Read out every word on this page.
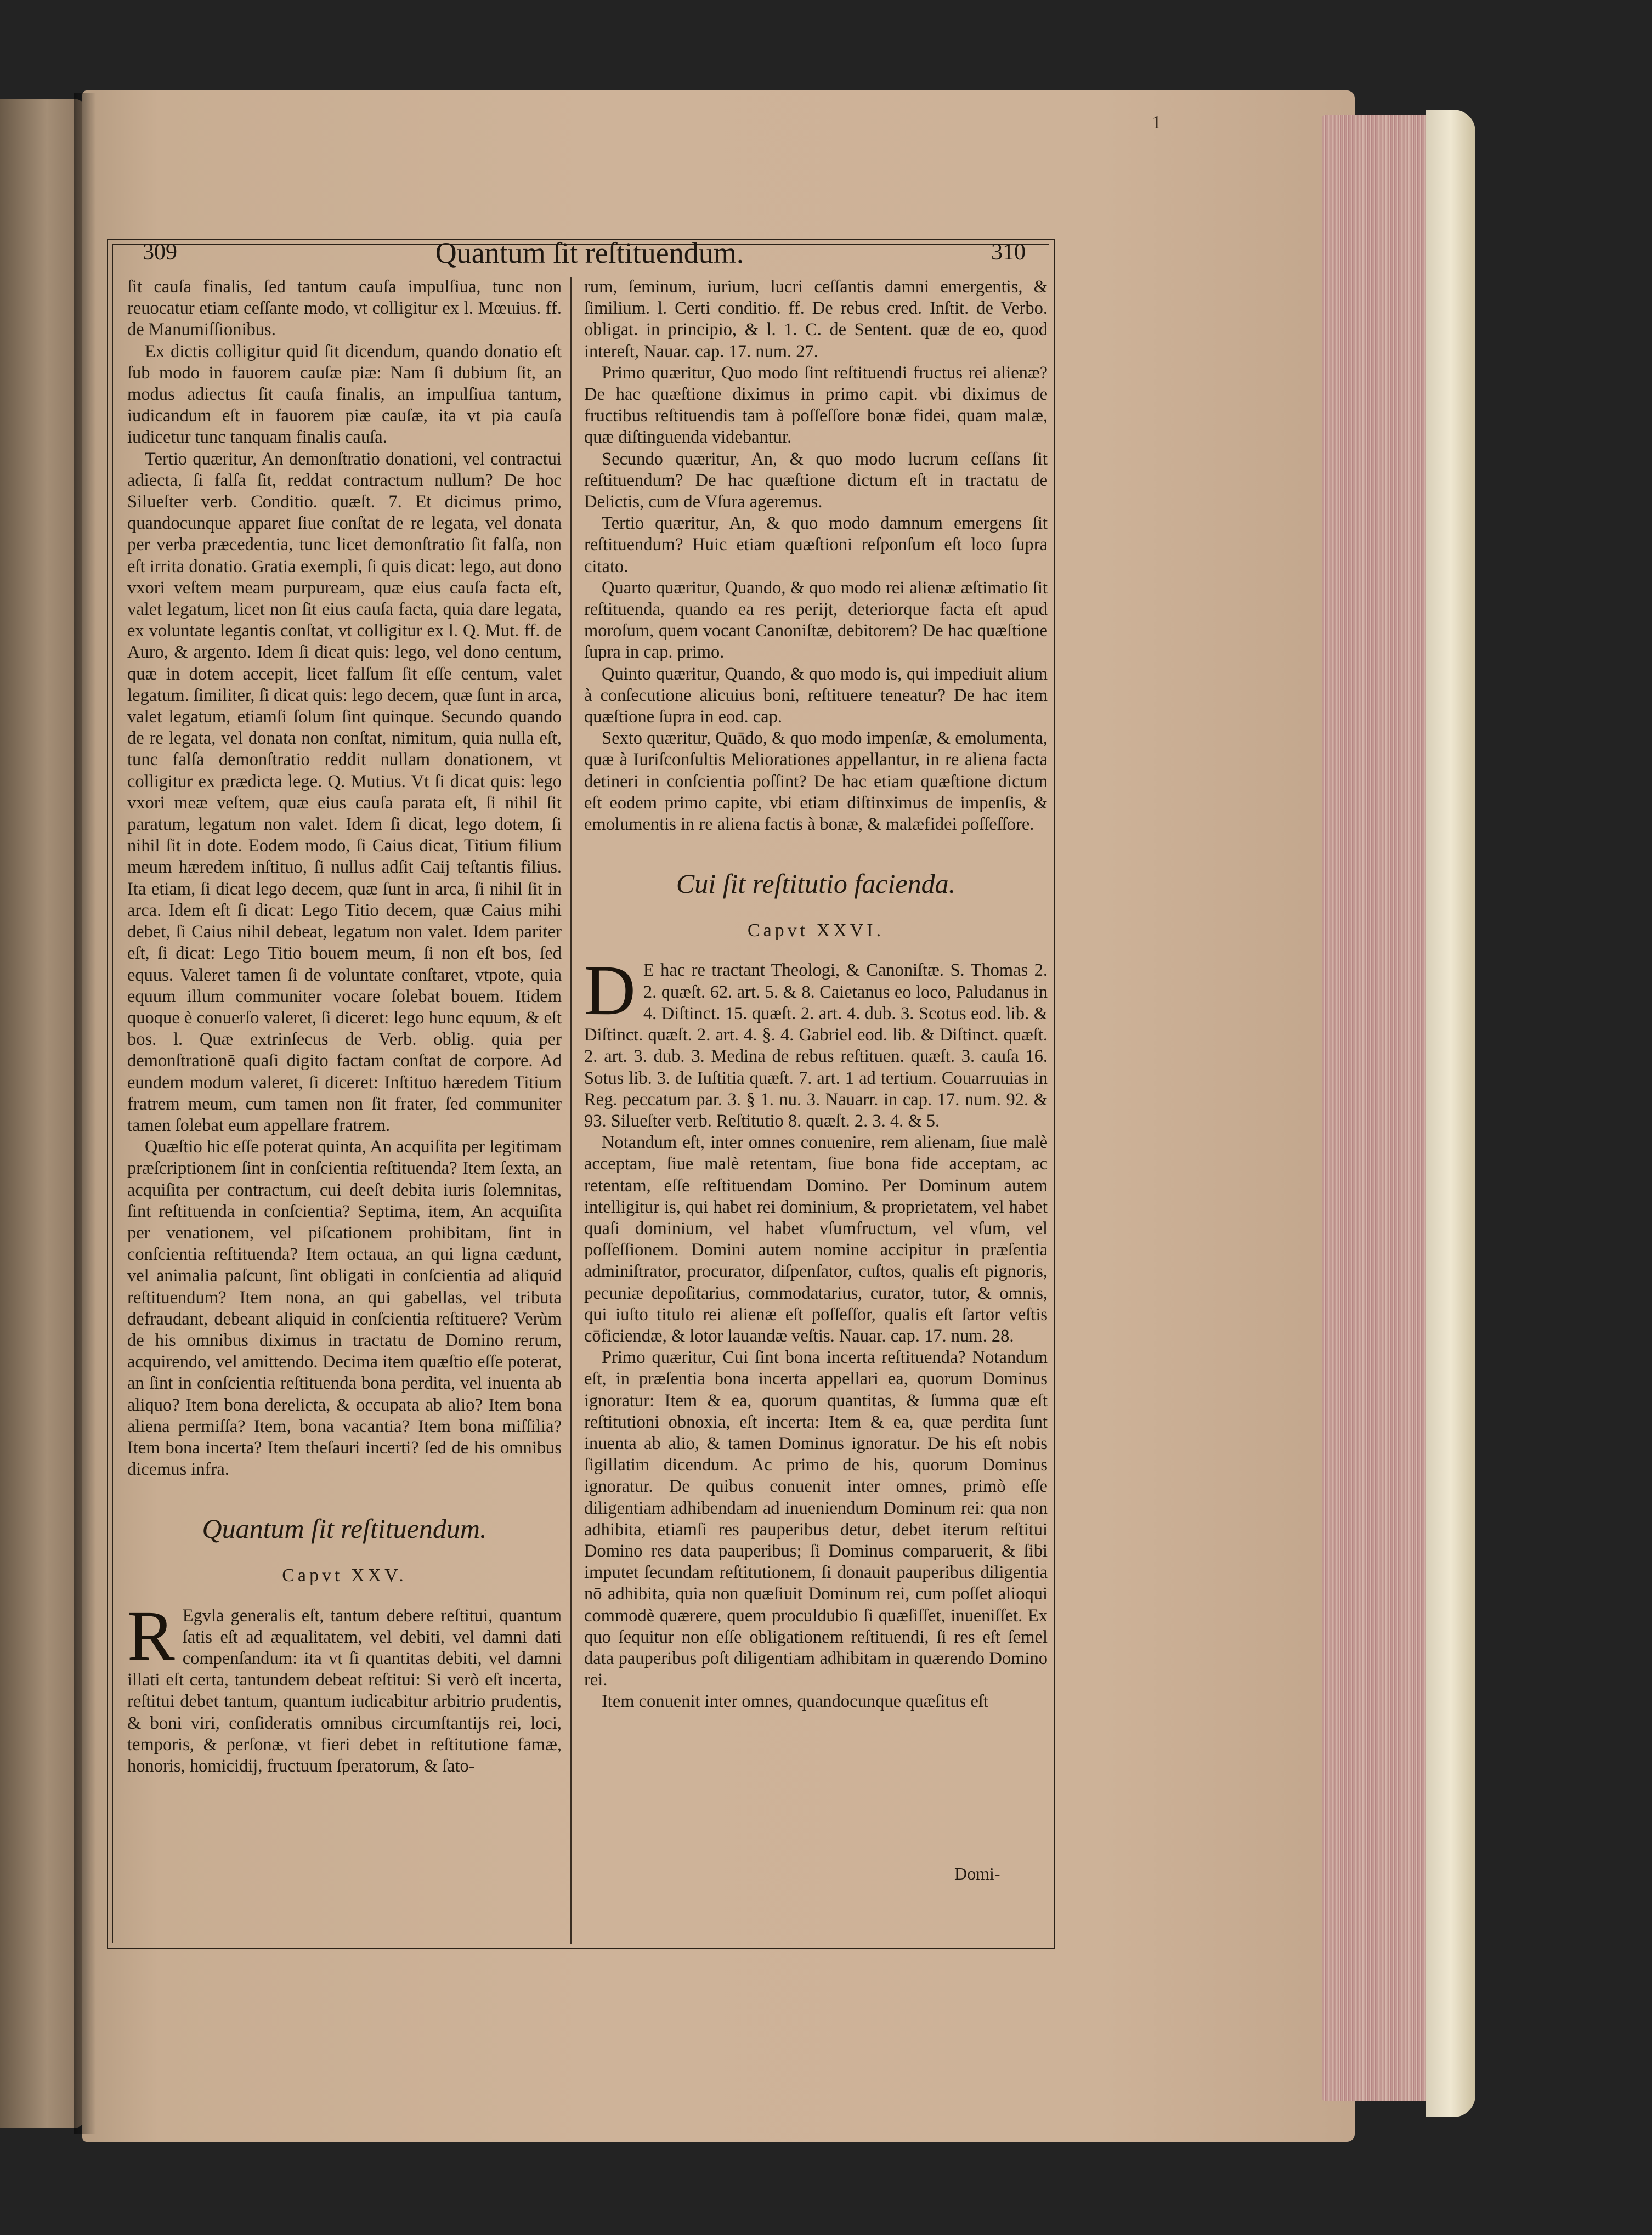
1
309	Quantum ſit reſtituendum.	310

ſit cauſa finalis, ſed tantum cauſa impulſiua, tunc non reuocatur etiam ceſſante modo, vt colligitur ex l. Mœuius. ff. de Manumiſſionibus.

Ex dictis colligitur quid ſit dicendum, quando donatio eſt ſub modo in fauorem cauſæ piæ: Nam ſi dubium ſit, an modus adiectus ſit cauſa finalis, an impulſiua tantum, iudicandum eſt in fauorem piæ cauſæ, ita vt pia cauſa iudicetur tunc tanquam finalis cauſa.

Tertio quæritur, An demonſtratio donationi, vel contractui adiecta, ſi falſa ſit, reddat contractum nullum? De hoc Silueſter verb. Conditio. quæſt. 7. Et dicimus primo, quandocunque apparet ſiue conſtat de re legata, vel donata per verba præcedentia, tunc licet demonſtratio ſit falſa, non eſt irrita donatio. Gratia exempli, ſi quis dicat: lego, aut dono vxori veſtem meam purpuream, quæ eius cauſa facta eſt, valet legatum, licet non ſit eius cauſa facta, quia dare legata, ex voluntate legantis conſtat, vt colligitur ex l. Q. Mut. ff. de Auro, & argento. Idem ſi dicat quis: lego, vel dono centum, quæ in dotem accepit, licet falſum ſit eſſe centum, valet legatum. ſimiliter, ſi dicat quis: lego decem, quæ ſunt in arca, valet legatum, etiamſi ſolum ſint quinque. Secundo quando de re legata, vel donata non conſtat, nimitum, quia nulla eſt, tunc falſa demonſtratio reddit nullam donationem, vt colligitur ex prædicta lege. Q. Mutius. Vt ſi dicat quis: lego vxori meæ veſtem, quæ eius cauſa parata eſt, ſi nihil ſit paratum, legatum non valet. Idem ſi dicat, lego dotem, ſi nihil ſit in dote. Eodem modo, ſi Caius dicat, Titium filium meum hæredem inſtituo, ſi nullus adſit Caij teſtantis filius. Ita etiam, ſi dicat lego decem, quæ ſunt in arca, ſi nihil ſit in arca. Idem eſt ſi dicat: Lego Titio decem, quæ Caius mihi debet, ſi Caius nihil debeat, legatum non valet. Idem pariter eſt, ſi dicat: Lego Titio bouem meum, ſi non eſt bos, ſed equus. Valeret tamen ſi de voluntate conſtaret, vtpote, quia equum illum communiter vocare ſolebat bouem. Itidem quoque è conuerſo valeret, ſi diceret: lego hunc equum, & eſt bos. l. Quæ extrinſecus de Verb. oblig. quia per demonſtrationē quaſi digito factam conſtat de corpore. Ad eundem modum valeret, ſi diceret: Inſtituo hæredem Titium fratrem meum, cum tamen non ſit frater, ſed communiter tamen ſolebat eum appellare fratrem.

Quæſtio hic eſſe poterat quinta, An acquiſita per legitimam præſcriptionem ſint in conſcientia reſtituenda? Item ſexta, an acquiſita per contractum, cui deeſt debita iuris ſolemnitas, ſint reſtituenda in conſcientia? Septima, item, An acquiſita per venationem, vel piſcationem prohibitam, ſint in conſcientia reſtituenda? Item octaua, an qui ligna cædunt, vel animalia paſcunt, ſint obligati in conſcientia ad aliquid reſtituendum? Item nona, an qui gabellas, vel tributa defraudant, debeant aliquid in conſcientia reſtituere? Verùm de his omnibus diximus in tractatu de Domino rerum, acquirendo, vel amittendo. Decima item quæſtio eſſe poterat, an ſint in conſcientia reſtituenda bona perdita, vel inuenta ab aliquo? Item bona derelicta, & occupata ab alio? Item bona aliena permiſſa? Item, bona vacantia? Item bona miſſilia? Item bona incerta? Item theſauri incerti? ſed de his omnibus dicemus infra.

Quantum ſit reſtituendum.
Capvt XXV.

R Egvla generalis eſt, tantum debere reſtitui, quantum ſatis eſt ad æqualitatem, vel debiti, vel damni dati compenſandum: ita vt ſi quantitas debiti, vel damni illati eſt certa, tantundem debeat reſtitui: Si verò eſt incerta, reſtitui debet tantum, quantum iudicabitur arbitrio prudentis, & boni viri, conſideratis omnibus circumſtantijs rei, loci, temporis, & perſonæ, vt fieri debet in reſtitutione famæ, honoris, homicidij, fructuum ſperatorum, & ſato-

rum, ſeminum, iurium, lucri ceſſantis damni emergentis, & ſimilium. l. Certi conditio. ff. De rebus cred. Inſtit. de Verbo. obligat. in principio, & l. 1. C. de Sentent. quæ de eo, quod intereſt, Nauar. cap. 17. num. 27.

Primo quæritur, Quo modo ſint reſtituendi fructus rei alienæ? De hac quæſtione diximus in primo capit. vbi diximus de fructibus reſtituendis tam à poſſeſſore bonæ fidei, quam malæ, quæ diſtinguenda videbantur.

Secundo quæritur, An, & quo modo lucrum ceſſans ſit reſtituendum? De hac quæſtione dictum eſt in tractatu de Delictis, cum de Vſura ageremus.

Tertio quæritur, An, & quo modo damnum emergens ſit reſtituendum? Huic etiam quæſtioni reſponſum eſt loco ſupra citato.

Quarto quæritur, Quando, & quo modo rei alienæ æſtimatio ſit reſtituenda, quando ea res perijt, deteriorque facta eſt apud moroſum, quem vocant Canoniſtæ, debitorem? De hac quæſtione ſupra in cap. primo.

Quinto quæritur, Quando, & quo modo is, qui impediuit alium à conſecutione alicuius boni, reſtituere teneatur? De hac item quæſtione ſupra in eod. cap.

Sexto quæritur, Quādo, & quo modo impenſæ, & emolumenta, quæ à Iuriſconſultis Meliorationes appellantur, in re aliena facta detineri in conſcientia poſſint? De hac etiam quæſtione dictum eſt eodem primo capite, vbi etiam diſtinximus de impenſis, & emolumentis in re aliena factis à bonæ, & malæfidei poſſeſſore.

Cui ſit reſtitutio facienda.
Capvt XXVI.

D E hac re tractant Theologi, & Canoniſtæ. S. Thomas 2. 2. quæſt. 62. art. 5. & 8. Caietanus eo loco, Paludanus in 4. Diſtinct. 15. quæſt. 2. art. 4. dub. 3. Scotus eod. lib. & Diſtinct. quæſt. 2. art. 4. §. 4. Gabriel eod. lib. & Diſtinct. quæſt. 2. art. 3. dub. 3. Medina de rebus reſtituen. quæſt. 3. cauſa 16. Sotus lib. 3. de Iuſtitia quæſt. 7. art. 1 ad tertium. Couarruuias in Reg. peccatum par. 3. § 1. nu. 3. Nauarr. in cap. 17. num. 92. & 93. Silueſter verb. Reſtitutio 8. quæſt. 2. 3. 4. & 5.

Notandum eſt, inter omnes conuenire, rem alienam, ſiue malè acceptam, ſiue malè retentam, ſiue bona fide acceptam, ac retentam, eſſe reſtituendam Domino. Per Dominum autem intelligitur is, qui habet rei dominium, & proprietatem, vel habet quaſi dominium, vel habet vſumfructum, vel vſum, vel poſſeſſionem. Domini autem nomine accipitur in præſentia adminiſtrator, procurator, diſpenſator, cuſtos, qualis eſt pignoris, pecuniæ depoſitarius, commodatarius, curator, tutor, & omnis, qui iuſto titulo rei alienæ eſt poſſeſſor, qualis eſt ſartor veſtis cōficiendæ, & lotor lauandæ veſtis. Nauar. cap. 17. num. 28.

Primo quæritur, Cui ſint bona incerta reſtituenda? Notandum eſt, in præſentia bona incerta appellari ea, quorum Dominus ignoratur: Item & ea, quorum quantitas, & ſumma quæ eſt reſtitutioni obnoxia, eſt incerta: Item & ea, quæ perdita ſunt inuenta ab alio, & tamen Dominus ignoratur. De his eſt nobis ſigillatim dicendum. Ac primo de his, quorum Dominus ignoratur. De quibus conuenit inter omnes, primò eſſe diligentiam adhibendam ad inueniendum Dominum rei: qua non adhibita, etiamſi res pauperibus detur, debet iterum reſtitui Domino res data pauperibus; ſi Dominus comparuerit, & ſibi imputet ſecundam reſtitutionem, ſi donauit pauperibus diligentia nō adhibita, quia non quæſiuit Dominum rei, cum poſſet alioqui commodè quærere, quem proculdubio ſi quæſiſſet, inueniſſet. Ex quo ſequitur non eſſe obligationem reſtituendi, ſi res eſt ſemel data pauperibus poſt diligentiam adhibitam in quærendo Domino rei.

Item conuenit inter omnes, quandocunque quæſitus eſt

Domi-
